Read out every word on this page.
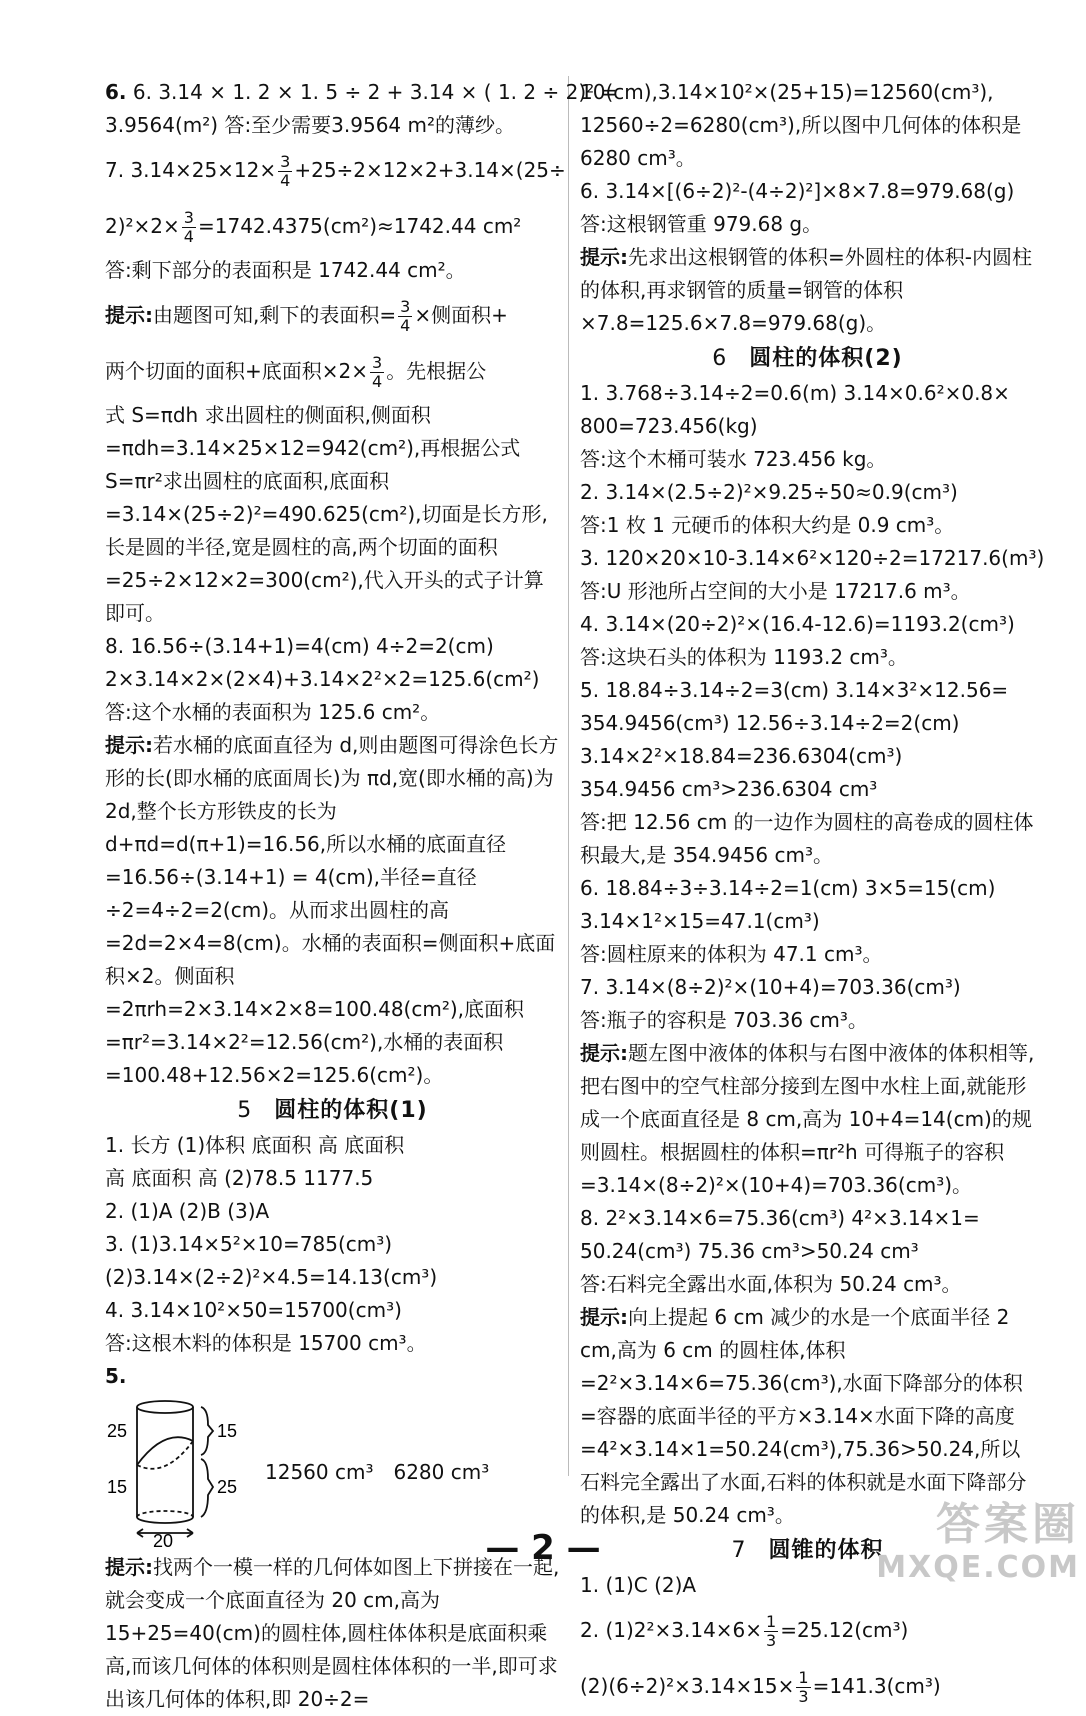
6. 6. 3.14 × 1. 2 × 1. 5 ÷ 2 + 3.14 × ( 1. 2 ÷ 2)² =

3.9564(m²) 答:至少需要3.9564 m²的薄纱。

7. $3.14\times 25\times 12\times \frac{3}{4} +25\div 2\times 12\times 2+3.14\times(25\div$

$2)^2\times 2\times \frac{3}{4} =1742.4375(cm^2)\approx 1742.44$ cm²

答:剩下部分的表面积是 1742.44 cm²。

提示:由题图可知,剩下的表面积= $\frac{3}{4}$ ×侧面积+

两个切面的面积+底面积$\times 2\times \frac{3}{4}$ 。先根据公

式 S=πdh 求出圆柱的侧面积,侧面积=πdh=3.14×25×12=942(cm²),再根据公式S=πr²求出圆柱的底面积,底面积=3.14×(25÷2)²=490.625(cm²),切面是长方形,长是圆的半径,宽是圆柱的高,两个切面的面积=25÷2×12×2=300(cm²),代入开头的式子计算即可。

8. 16.56÷(3.14+1)=4(cm) 4÷2=2(cm)

2×3.14×2×(2×4)+3.14×2²×2=125.6(cm²)

答:这个水桶的表面积为 125.6 cm²。

提示:若水桶的底面直径为 d,则由题图可得涂色长方形的长(即水桶的底面周长)为 πd,宽(即水桶的高)为 2d,整个长方形铁皮的长为 d+πd=d(π+1)=16.56,所以水桶的底面直径=16.56÷(3.14+1) = 4(cm),半径=直径÷2=4÷2=2(cm)。从而求出圆柱的高=2d=2×4=8(cm)。水桶的表面积=侧面积+底面积×2。侧面积=2πrh=2×3.14×2×8=100.48(cm²),底面积=πr²=3.14×2²=12.56(cm²),水桶的表面积=100.48+12.56×2=125.6(cm²)。

5 圆柱的体积(1)

1. 长方 (1)体积 底面积 高 底面积

高 底面积 高 (2)78.5 1177.5

2. (1)A (2)B (3)A

3. (1)3.14×5²×10=785(cm³)

(2)3.14×(2÷2)²×4.5=14.13(cm³)

4. 3.14×10²×50=15700(cm³)

答:这根木料的体积是 15700 cm³。

5.

25
15
15
25
20
12560 cm³ 6280 cm³

提示:找两个一模一样的几何体如图上下拼接在一起,就会变成一个底面直径为 20 cm,高为15+25=40(cm)的圆柱体,圆柱体体积是底面积乘高,而该几何体的体积则是圆柱体体积的一半,即可求出该几何体的体积,即 20÷2=

10(cm),3.14×10²×(25+15)=12560(cm³),

12560÷2=6280(cm³),所以图中几何体的体积是

6280 cm³。

6. 3.14×[(6÷2)²-(4÷2)²]×8×7.8=979.68(g)

答:这根钢管重 979.68 g。

提示:先求出这根钢管的体积=外圆柱的体积-内圆柱的体积,再求钢管的质量=钢管的体积×7.8=125.6×7.8=979.68(g)。

6 圆柱的体积(2)

1. 3.768÷3.14÷2=0.6(m) 3.14×0.6²×0.8×

800=723.456(kg)

答:这个木桶可装水 723.456 kg。

2. 3.14×(2.5÷2)²×9.25÷50≈0.9(cm³)

答:1 枚 1 元硬币的体积大约是 0.9 cm³。

3. 120×20×10-3.14×6²×120÷2=17217.6(m³)

答:U 形池所占空间的大小是 17217.6 m³。

4. 3.14×(20÷2)²×(16.4-12.6)=1193.2(cm³)

答:这块石头的体积为 1193.2 cm³。

5. 18.84÷3.14÷2=3(cm) 3.14×3²×12.56=

354.9456(cm³) 12.56÷3.14÷2=2(cm)

3.14×2²×18.84=236.6304(cm³)

354.9456 cm³>236.6304 cm³

答:把 12.56 cm 的一边作为圆柱的高卷成的圆柱体积最大,是 354.9456 cm³。

6. 18.84÷3÷3.14÷2=1(cm) 3×5=15(cm)

3.14×1²×15=47.1(cm³)

答:圆柱原来的体积为 47.1 cm³。

7. 3.14×(8÷2)²×(10+4)=703.36(cm³)

答:瓶子的容积是 703.36 cm³。

提示:题左图中液体的体积与右图中液体的体积相等,把右图中的空气柱部分接到左图中水柱上面,就能形成一个底面直径是 8 cm,高为 10+4=14(cm)的规则圆柱。根据圆柱的体积=πr²h 可得瓶子的容积=3.14×(8÷2)²×(10+4)=703.36(cm³)。

8. 2²×3.14×6=75.36(cm³) 4²×3.14×1=

50.24(cm³) 75.36 cm³>50.24 cm³

答:石料完全露出水面,体积为 50.24 cm³。

提示:向上提起 6 cm 减少的水是一个底面半径 2 cm,高为 6 cm 的圆柱体,体积=2²×3.14×6=75.36(cm³),水面下降部分的体积=容器的底面半径的平方×3.14×水面下降的高度=4²×3.14×1=50.24(cm³),75.36>50.24,所以石料完全露出了水面,石料的体积就是水面下降部分的体积,是 50.24 cm³。

7 圆锥的体积

1. (1)C (2)A

2. $(1)2^2\times 3.14\times 6\times \frac{1}{3} =25.12(cm^3)$

$(2)(6\div 2)^2\times 3.14\times 15\times \frac{1}{3} =141.3(cm^3)$

— 2 —	答案圈
MXQE.COM
